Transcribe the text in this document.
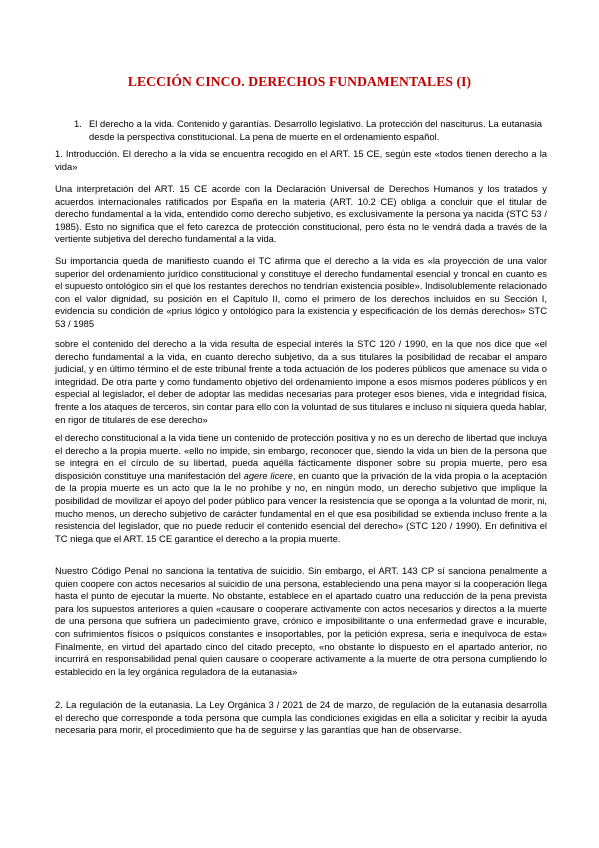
LECCIÓN CINCO. DERECHOS FUNDAMENTALES (I)
1. El derecho a la vida. Contenido y garantías. Desarrollo legislativo. La protección del nasciturus. La eutanasia desde la perspectiva constitucional. La pena de muerte en el ordenamiento español.

1. Introducción. El derecho a la vida se encuentra recogido en el ART. 15 CE, según este «todos tienen derecho a la vida»

Una interpretación del ART. 15 CE acorde con la Declaración Universal de Derechos Humanos y los tratados y acuerdos internacionales ratificados por España en la materia (ART. 10.2 CE) obliga a concluir que el titular de derecho fundamental a la vida, entendido como derecho subjetivo, es exclusivamente la persona ya nacida (STC 53 / 1985). Esto no significa que el feto carezca de protección constitucional, pero ésta no le vendrá dada a través de la vertiente subjetiva del derecho fundamental a la vida.

Su importancia queda de manifiesto cuando el TC afirma que el derecho a la vida es «la proyección de una valor superior del ordenamiento jurídico constitucional y constituye el derecho fundamental esencial y troncal en cuanto es el supuesto ontológico sin el que los restantes derechos no tendrían existencia posible». Indisolublemente relacionado con el valor dignidad, su posición en el Capítulo II, como el primero de los derechos incluidos en su Sección I, evidencia su condición de «prius lógico y ontológico para la existencia y especificación de los demás derechos» STC 53 / 1985

sobre el contenido del derecho a la vida resulta de especial interés la STC 120 / 1990, en la que nos dice que «el derecho fundamental a la vida, en cuanto derecho subjetivo, da a sus titulares la posibilidad de recabar el amparo judicial, y en último término el de este tribunal frente a toda actuación de los poderes públicos que amenace su vida o integridad. De otra parte y como fundamento objetivo del ordenamiento impone a esos mismos poderes públicos y en especial al legislador, el deber de adoptar las medidas necesarias para proteger esos bienes, vida e integridad física, frente a los ataques de terceros, sin contar para ello con la voluntad de sus titulares e incluso ni siquiera queda hablar, en rigor de titulares de ese derecho»

el derecho constitucional a la vida tiene un contenido de protección positiva y no es un derecho de libertad que incluya el derecho a la propia muerte. «ello no impide, sin embargo, reconocer que, siendo la vida un bien de la persona que se integra en el círculo de su libertad, pueda aquélla fácticamente disponer sobre su propia muerte, pero esa disposición constituye una manifestación del agere licere, en cuanto que la privación de la vida propia o la aceptación de la propia muerte es un acto que la le no prohíbe y no, en ningún modo, un derecho subjetivo que implique la posibilidad de movilizar el apoyo del poder público para vencer la resistencia que se oponga a la voluntad de morir, ni, mucho menos, un derecho subjetivo de carácter fundamental en el que esa posibilidad se extienda incluso frente a la resistencia del legislador, que no puede reducir el contenido esencial del derecho» (STC 120 / 1990). En definitiva el TC niega que el ART. 15 CE garantice el derecho a la propia muerte.

Nuestro Código Penal no sanciona la tentativa de suicidio. Sin embargo, el ART. 143 CP sí sanciona penalmente a quien coopere con actos necesarios al suicidio de una persona, estableciendo una pena mayor si la cooperación llega hasta el punto de ejecutar la muerte. No obstante, establece en el apartado cuatro una reducción de la pena prevista para los supuestos anteriores a quien «causare o cooperare activamente con actos necesarios y directos a la muerte de una persona que sufriera un padecimiento grave, crónico e imposibilitante o una enfermedad grave e incurable, con sufrimientos físicos o psíquicos constantes e insoportables, por la petición expresa, seria e inequívoca de esta» Finalmente, en virtud del apartado cinco del citado precepto, «no obstante lo dispuesto en el apartado anterior, no incurrirá en responsabilidad penal quien causare o cooperare activamente a la muerte de otra persona cumpliendo lo establecido en la ley orgánica reguladora de la eutanasia»

2. La regulación de la eutanasia. La Ley Orgánica 3 / 2021 de 24 de marzo, de regulación de la eutanasia desarrolla el derecho que corresponde a toda persona que cumpla las condiciones exigidas en ella a solicitar y recibir la ayuda necesaria para morir, el procedimiento que ha de seguirse y las garantías que han de observarse.
